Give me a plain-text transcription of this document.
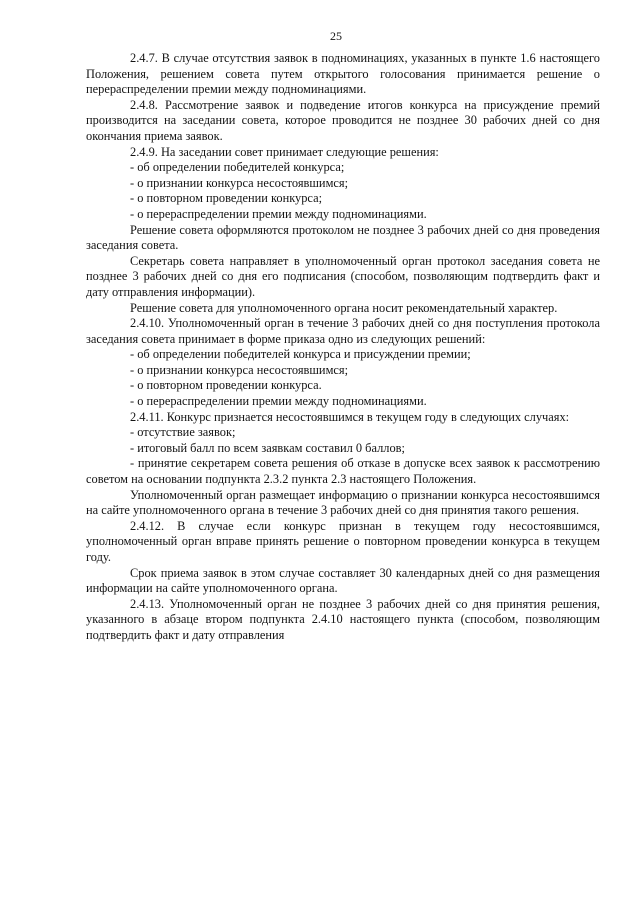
25

2.4.7. В случае отсутствия заявок в подноминациях, указанных в пункте 1.6 настоящего Положения, решением совета путем открытого голосования принимается решение о перераспределении премии между подноминациями.

2.4.8. Рассмотрение заявок и подведение итогов конкурса на присуждение премий производится на заседании совета, которое проводится не позднее 30 рабочих дней со дня окончания приема заявок.

2.4.9. На заседании совет принимает следующие решения:

- об определении победителей конкурса;

- о признании конкурса несостоявшимся;

- о повторном проведении конкурса;

- о перераспределении премии между подноминациями.

Решение совета оформляются протоколом не позднее 3 рабочих дней со дня проведения заседания совета.

Секретарь совета направляет в уполномоченный орган протокол заседания совета не позднее 3 рабочих дней со дня его подписания (способом, позволяющим подтвердить факт и дату отправления информации).

Решение совета для уполномоченного органа носит рекомендательный характер.

2.4.10. Уполномоченный орган в течение 3 рабочих дней со дня поступления протокола заседания совета принимает в форме приказа одно из следующих решений:

- об определении победителей конкурса и присуждении премии;

- о признании конкурса несостоявшимся;

- о повторном проведении конкурса.

- о перераспределении премии между подноминациями.

2.4.11. Конкурс признается несостоявшимся в текущем году в следующих случаях:

- отсутствие заявок;

- итоговый балл по всем заявкам составил 0 баллов;

- принятие секретарем совета решения об отказе в допуске всех заявок к рассмотрению советом на основании подпункта 2.3.2 пункта 2.3 настоящего Положения.

Уполномоченный орган размещает информацию о признании конкурса несостоявшимся на сайте уполномоченного органа в течение 3 рабочих дней со дня принятия такого решения.

2.4.12. В случае если конкурс признан в текущем году несостоявшимся, уполномоченный орган вправе принять решение о повторном проведении конкурса в текущем году.

Срок приема заявок в этом случае составляет 30 календарных дней со дня размещения информации на сайте уполномоченного органа.

2.4.13. Уполномоченный орган не позднее 3 рабочих дней со дня принятия решения, указанного в абзаце втором подпункта 2.4.10 настоящего пункта (способом, позволяющим подтвердить факт и дату отправления
